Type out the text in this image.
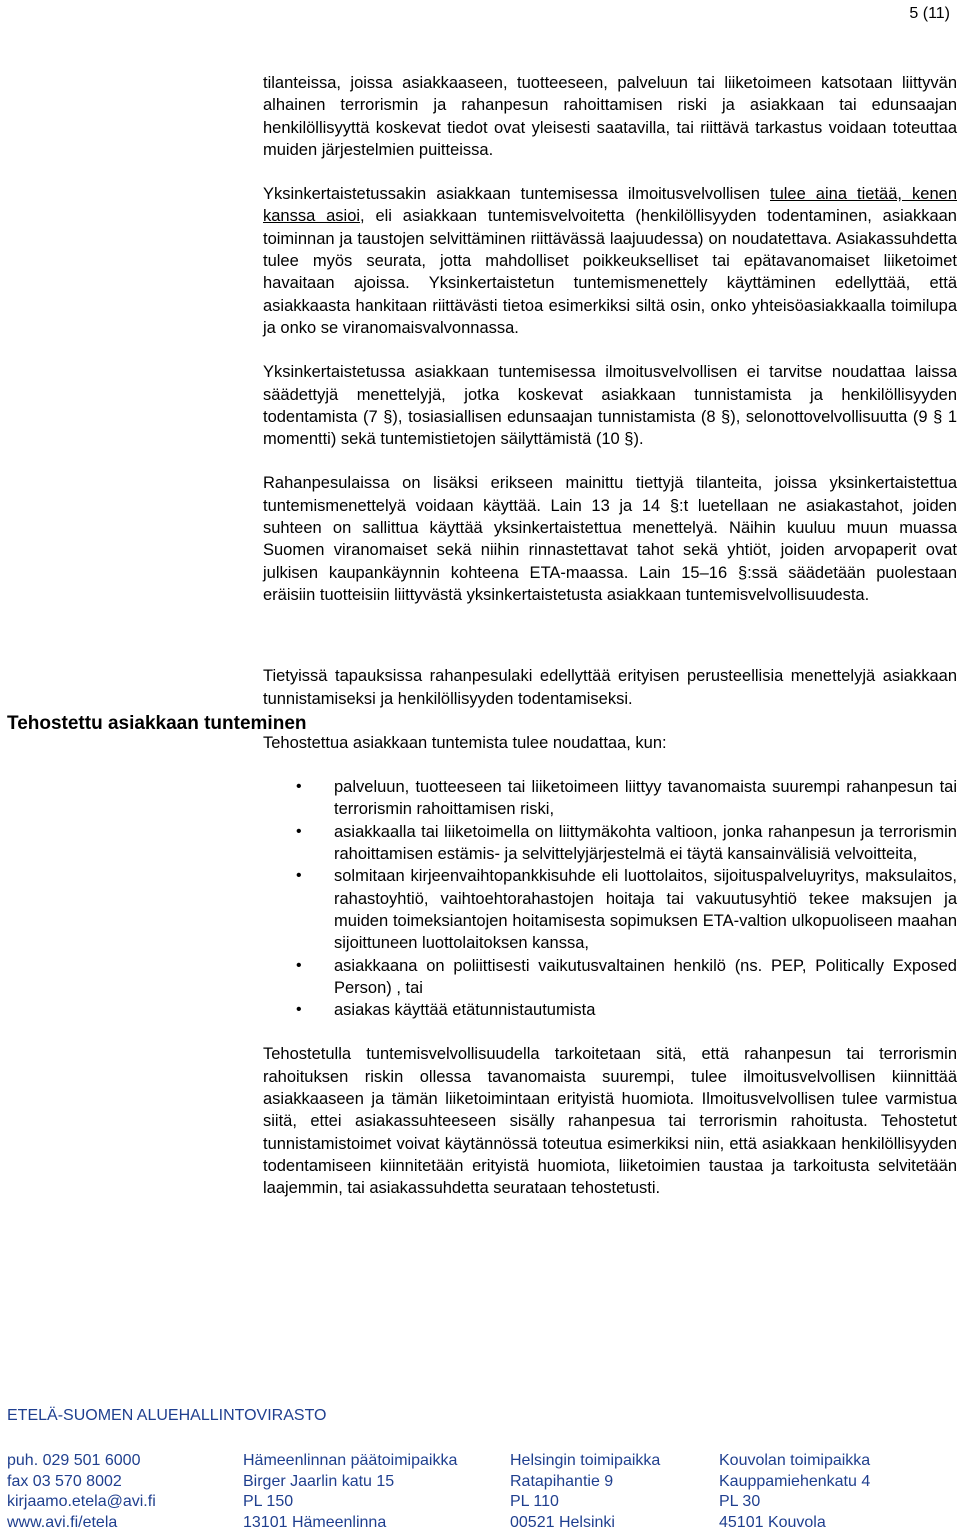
5 (11)
Tehostettu asiakkaan tunteminen

tilanteissa, joissa asiakkaaseen, tuotteeseen, palveluun tai liiketoimeen katsotaan liittyvän alhainen terrorismin ja rahanpesun rahoittamisen riski ja asiakkaan tai edunsaajan henkilöllisyyttä koskevat tiedot ovat yleisesti saatavilla, tai riittävä tarkastus voidaan toteuttaa muiden järjestelmien puitteissa.

Yksinkertaistetussakin asiakkaan tuntemisessa ilmoitusvelvollisen tulee aina tietää, kenen kanssa asioi, eli asiakkaan tuntemisvelvoitetta (henkilöllisyyden todentaminen, asiakkaan toiminnan ja taustojen selvittäminen riittävässä laajuudessa) on noudatettava. Asiakassuhdetta tulee myös seurata, jotta mahdolliset poikkeukselliset tai epätavanomaiset liiketoimet havaitaan ajoissa. Yksinkertaistetun tuntemismenettely käyttäminen edellyttää, että asiakkaasta hankitaan riittävästi tietoa esimerkiksi siltä osin, onko yhteisöasiakkaalla toimilupa ja onko se viranomaisvalvonnassa.

Yksinkertaistetussa asiakkaan tuntemisessa ilmoitusvelvollisen ei tarvitse noudattaa laissa säädettyjä menettelyjä, jotka koskevat asiakkaan tunnistamista ja henkilöllisyyden todentamista (7 §), tosiasiallisen edunsaajan tunnistamista (8 §), selonottovelvollisuutta (9 § 1 momentti) sekä tuntemistietojen säilyttämistä (10 §).

Rahanpesulaissa on lisäksi erikseen mainittu tiettyjä tilanteita, joissa yksinkertaistettua tuntemismenettelyä voidaan käyttää. Lain 13 ja 14 §:t luetellaan ne asiakastahot, joiden suhteen on sallittua käyttää yksinkertaistettua menettelyä. Näihin kuuluu muun muassa Suomen viranomaiset sekä niihin rinnastettavat tahot sekä yhtiöt, joiden arvopaperit ovat julkisen kaupankäynnin kohteena ETA-maassa. Lain 15–16 §:ssä säädetään puolestaan eräisiin tuotteisiin liittyvästä yksinkertaistetusta asiakkaan tuntemisvelvollisuudesta.

Tietyissä tapauksissa rahanpesulaki edellyttää erityisen perusteellisia menettelyjä asiakkaan tunnistamiseksi ja henkilöllisyyden todentamiseksi.

Tehostettua asiakkaan tuntemista tulee noudattaa, kun:

• palveluun, tuotteeseen tai liiketoimeen liittyy tavanomaista suurempi rahanpesun tai terrorismin rahoittamisen riski,
• asiakkaalla tai liiketoimella on liittymäkohta valtioon, jonka rahanpesun ja terrorismin rahoittamisen estämis- ja selvittelyjärjestelmä ei täytä kansainvälisiä velvoitteita,
• solmitaan kirjeenvaihtopankkisuhde eli luottolaitos, sijoituspalveluyritys, maksulaitos, rahastoyhtiö, vaihtoehtorahastojen hoitaja tai vakuutusyhtiö tekee maksujen ja muiden toimeksiantojen hoitamisesta sopimuksen ETA-valtion ulkopuoliseen maahan sijoittuneen luottolaitoksen kanssa,
• asiakkaana on poliittisesti vaikutusvaltainen henkilö (ns. PEP, Politically Exposed Person) , tai
• asiakas käyttää etätunnistautumista

Tehostetulla tuntemisvelvollisuudella tarkoitetaan sitä, että rahanpesun tai terrorismin rahoituksen riskin ollessa tavanomaista suurempi, tulee ilmoitusvelvollisen kiinnittää asiakkaaseen ja tämän liiketoimintaan erityistä huomiota. Ilmoitusvelvollisen tulee varmistua siitä, ettei asiakassuhteeseen sisälly rahanpesua tai terrorismin rahoitusta. Tehostetut tunnistamistoimet voivat käytännössä toteutua esimerkiksi niin, että asiakkaan henkilöllisyyden todentamiseen kiinnitetään erityistä huomiota, liiketoimien taustaa ja tarkoitusta selvitetään laajemmin, tai asiakassuhdetta seurataan tehostetusti.

ETELÄ-SUOMEN ALUEHALLINTOVIRASTO
puh. 029 501 6000
fax 03 570 8002
kirjaamo.etela@avi.fi
www.avi.fi/etela
Hämeenlinnan päätoimipaikka
Birger Jaarlin katu 15
PL 150
13101 Hämeenlinna
Helsingin toimipaikka
Ratapihantie 9
PL 110
00521 Helsinki
Kouvolan toimipaikka
Kauppamiehenkatu 4
PL 30
45101 Kouvola
